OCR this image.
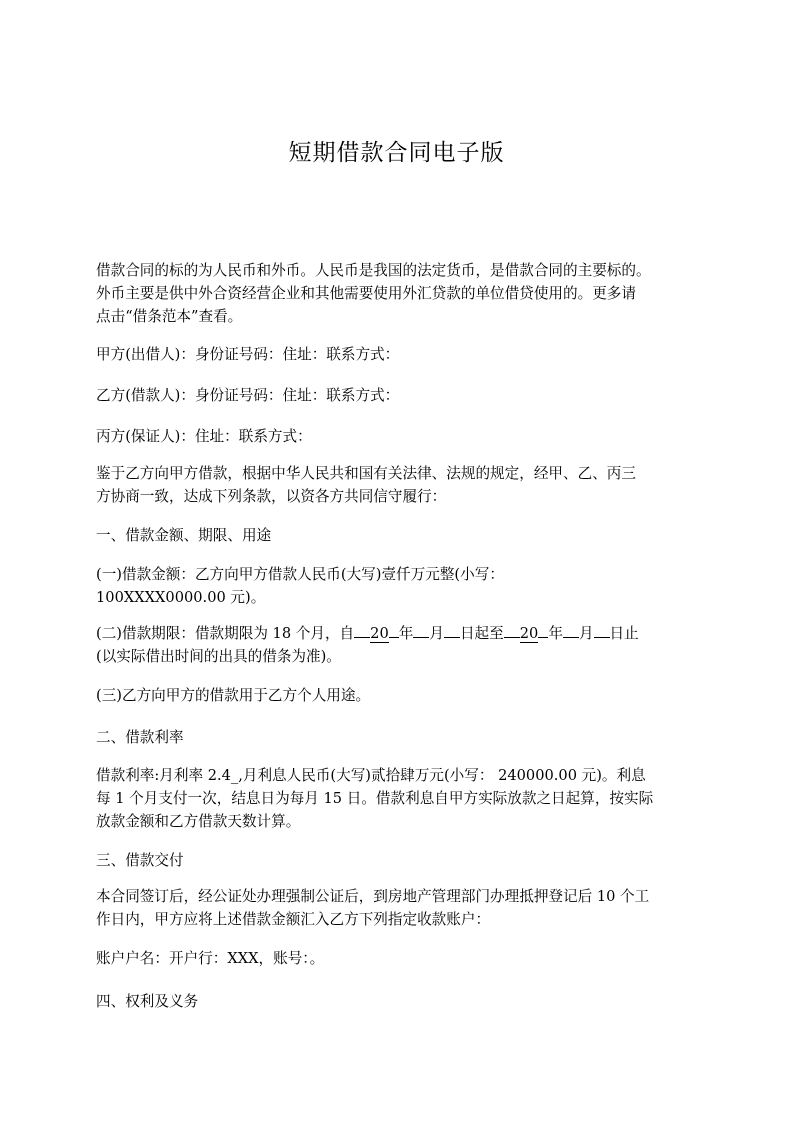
短期借款合同电子版
借款合同的标的为人民币和外币。人民币是我国的法定货币，是借款合同的主要标的。
外币主要是供中外合资经营企业和其他需要使用外汇贷款的单位借贷使用的。更多请
点击“借条范本”查看。
甲方(出借人)：身份证号码：住址：联系方式：
乙方(借款人)：身份证号码：住址：联系方式：
丙方(保证人)：住址：联系方式：
鉴于乙方向甲方借款，根据中华人民共和国有关法律、法规的规定，经甲、乙、丙三
方协商一致，达成下列条款，以资各方共同信守履行：
一、借款金额、期限、用途
(一)借款金额：乙方向甲方借款人民币(大写)壹仟万元整(小写：
100XXXX0000.00 元)。
(二)借款期限：借款期限为 18 个月，自 20 年 月 日起至 20 年 月 日止
(以实际借出时间的出具的借条为准)。
(三)乙方向甲方的借款用于乙方个人用途。
二、借款利率
借款利率:月利率 2.4_,月利息人民币(大写)贰拾肆万元(小写： 240000.00 元)。利息
每 1 个月支付一次，结息日为每月 15 日。借款利息自甲方实际放款之日起算，按实际
放款金额和乙方借款天数计算。
三、借款交付
本合同签订后，经公证处办理强制公证后，到房地产管理部门办理抵押登记后 10 个工
作日内，甲方应将上述借款金额汇入乙方下列指定收款账户：
账户户名：开户行：XXX，账号：。
四、权利及义务
